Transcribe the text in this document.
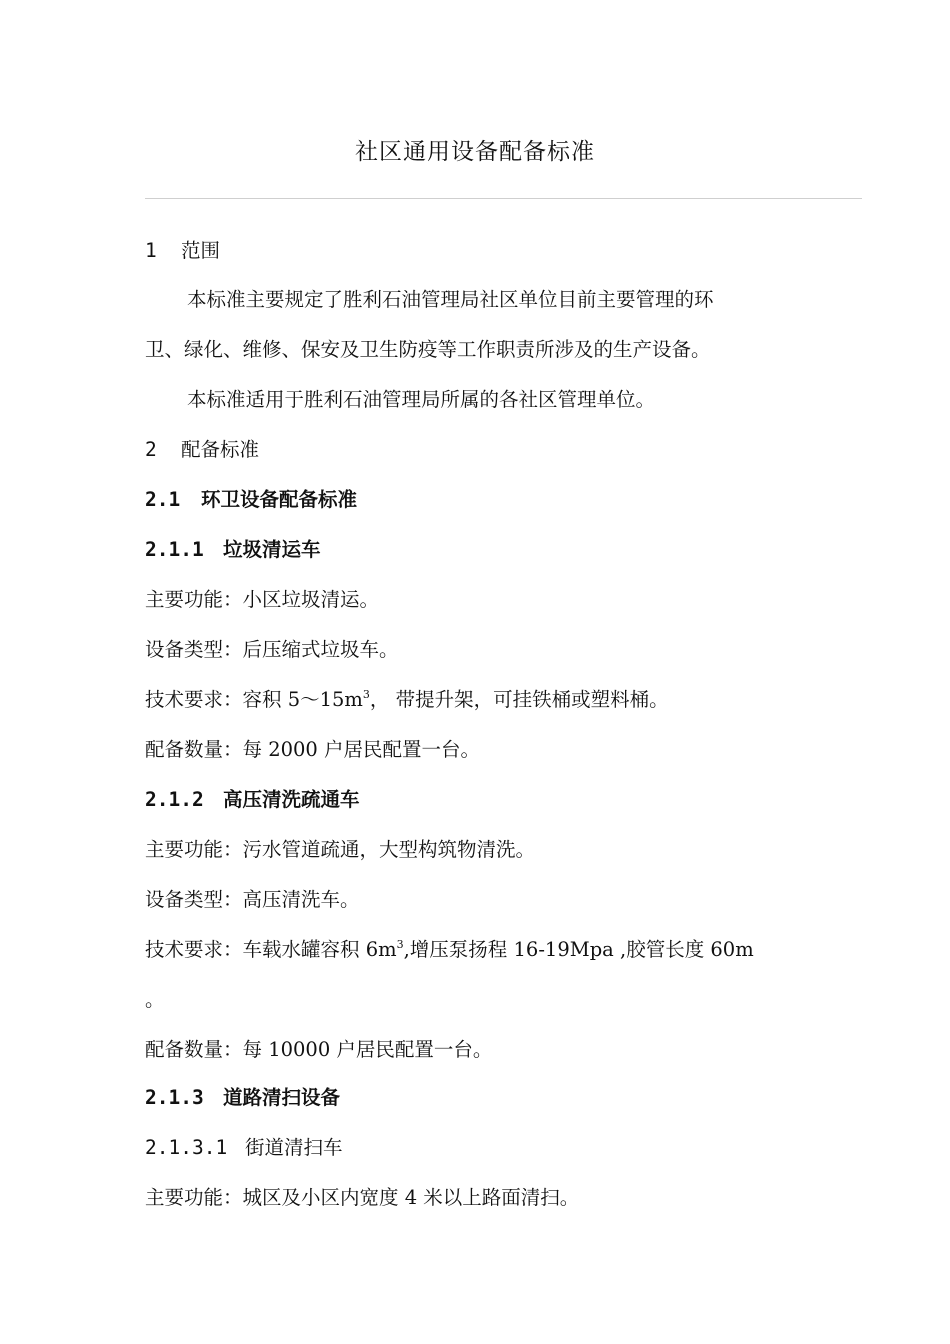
社区通用设备配备标准
1 范围
本标准主要规定了胜利石油管理局社区单位目前主要管理的环
卫、绿化、维修、保安及卫生防疫等工作职责所涉及的生产设备。
本标准适用于胜利石油管理局所属的各社区管理单位。
2 配备标准
2.1 环卫设备配备标准
2.1.1 垃圾清运车
主要功能：小区垃圾清运。
设备类型：后压缩式垃圾车。
技术要求：容积 $5\sim 15m^3$， 带提升架，可挂铁桶或塑料桶。
配备数量：每 2000 户居民配置一台。
2.1.2 高压清洗疏通车
主要功能：污水管道疏通，大型构筑物清洗。
设备类型：高压清洗车。
技术要求：车载水罐容积 $6m^3$,增压泵扬程 16-19Mpa ,胶管长度 60m
。
配备数量：每 10000 户居民配置一台。
2.1.3 道路清扫设备
2.1.3.1 街道清扫车
主要功能：城区及小区内宽度 4 米以上路面清扫。
